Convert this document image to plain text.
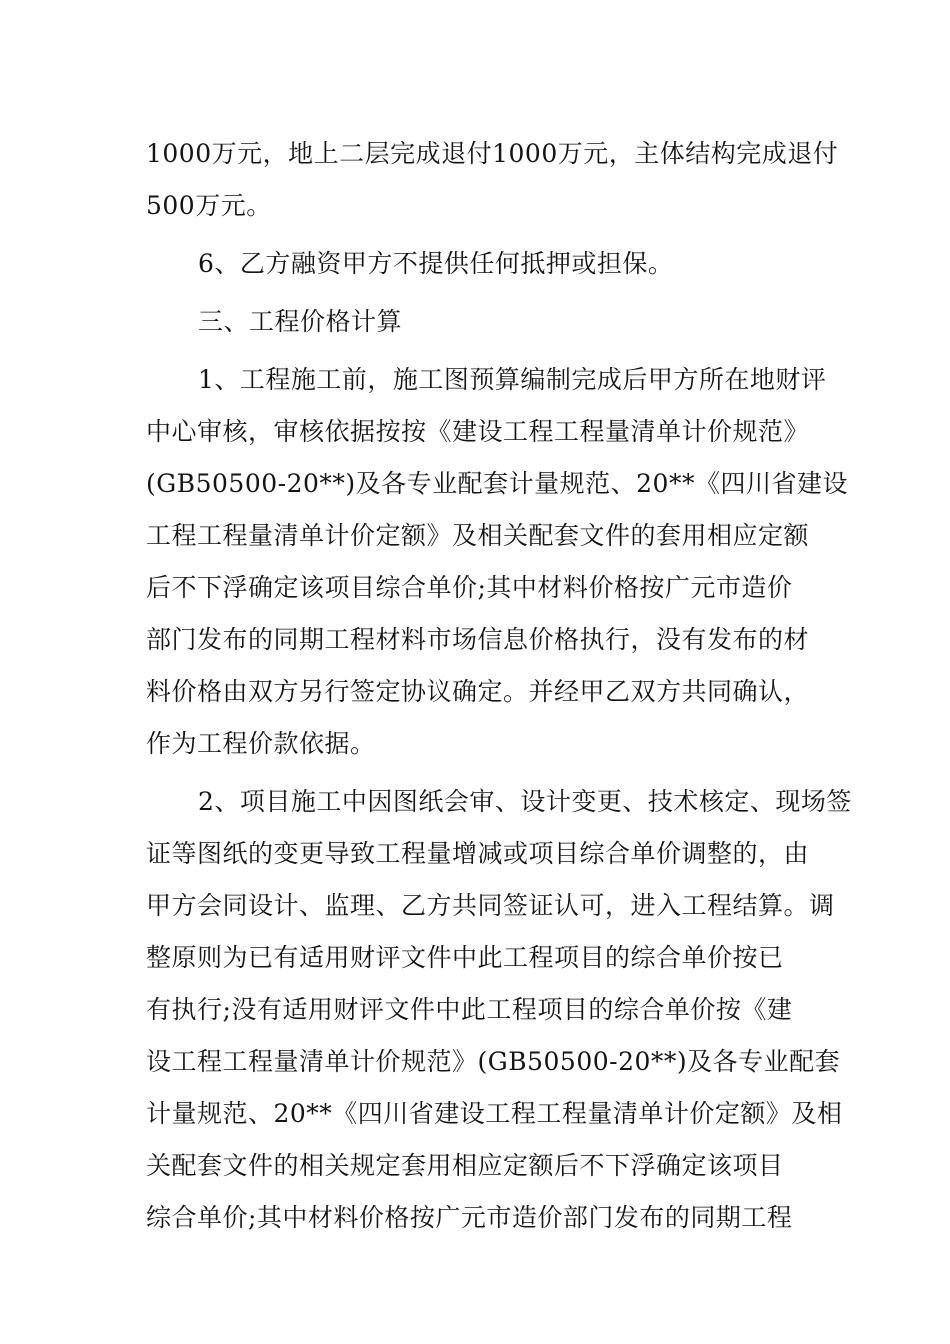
1000万元，地上二层完成退付1000万元，主体结构完成退付
500万元。
6、乙方融资甲方不提供任何抵押或担保。
三、工程价格计算
1、工程施工前，施工图预算编制完成后甲方所在地财评
中心审核，审核依据按按《建设工程工程量清单计价规范》
(GB50500-20**)及各专业配套计量规范、20**《四川省建设
工程工程量清单计价定额》及相关配套文件的套用相应定额
后不下浮确定该项目综合单价;其中材料价格按广元市造价
部门发布的同期工程材料市场信息价格执行，没有发布的材
料价格由双方另行签定协议确定。并经甲乙双方共同确认，
作为工程价款依据。
2、项目施工中因图纸会审、设计变更、技术核定、现场签
证等图纸的变更导致工程量增减或项目综合单价调整的，由
甲方会同设计、监理、乙方共同签证认可，进入工程结算。调
整原则为已有适用财评文件中此工程项目的综合单价按已
有执行;没有适用财评文件中此工程项目的综合单价按《建
设工程工程量清单计价规范》(GB50500-20**)及各专业配套
计量规范、20**《四川省建设工程工程量清单计价定额》及相
关配套文件的相关规定套用相应定额后不下浮确定该项目
综合单价;其中材料价格按广元市造价部门发布的同期工程
